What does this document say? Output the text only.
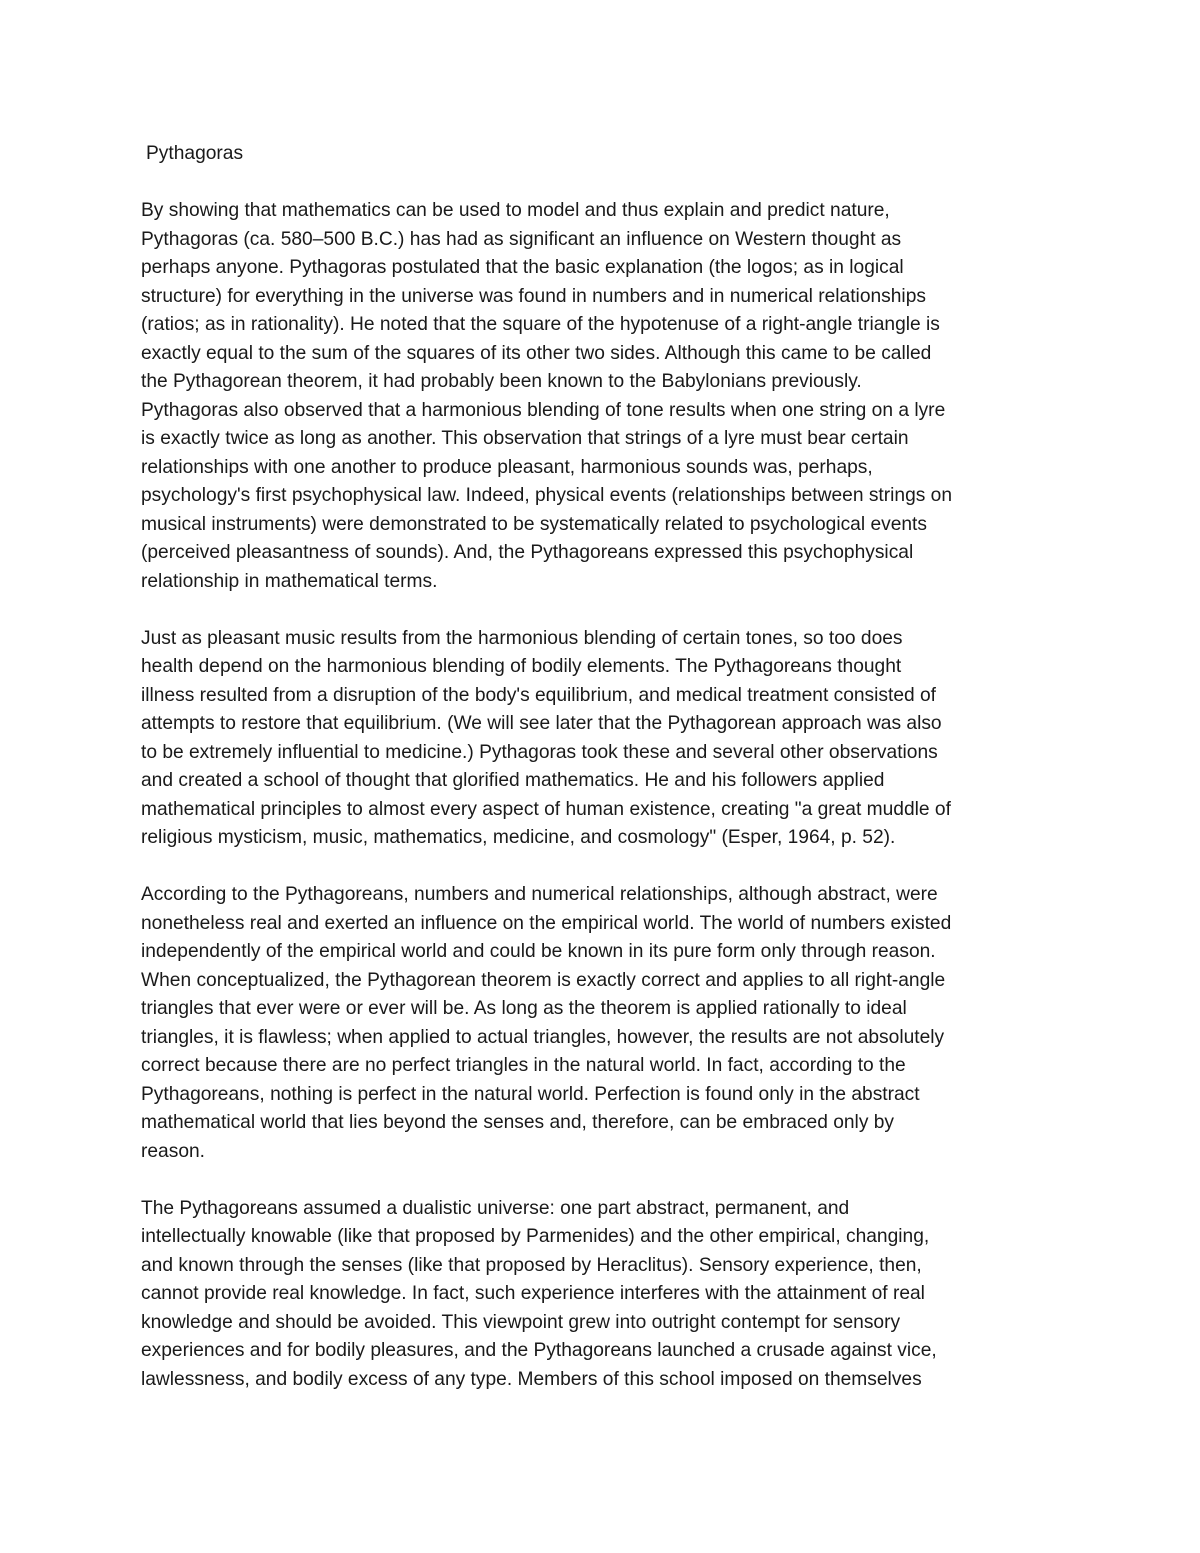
Pythagoras
By showing that mathematics can be used to model and thus explain and predict nature,
Pythagoras (ca. 580–500 B.C.) has had as significant an influence on Western thought as
perhaps anyone. Pythagoras postulated that the basic explanation (the logos; as in logical
structure) for everything in the universe was found in numbers and in numerical relationships
(ratios; as in rationality). He noted that the square of the hypotenuse of a right-angle triangle is
exactly equal to the sum of the squares of its other two sides. Although this came to be called
the Pythagorean theorem, it had probably been known to the Babylonians previously.
Pythagoras also observed that a harmonious blending of tone results when one string on a lyre
is exactly twice as long as another. This observation that strings of a lyre must bear certain
relationships with one another to produce pleasant, harmonious sounds was, perhaps,
psychology's first psychophysical law. Indeed, physical events (relationships between strings on
musical instruments) were demonstrated to be systematically related to psychological events
(perceived pleasantness of sounds). And, the Pythagoreans expressed this psychophysical
relationship in mathematical terms.
Just as pleasant music results from the harmonious blending of certain tones, so too does
health depend on the harmonious blending of bodily elements. The Pythagoreans thought
illness resulted from a disruption of the body's equilibrium, and medical treatment consisted of
attempts to restore that equilibrium. (We will see later that the Pythagorean approach was also
to be extremely influential to medicine.) Pythagoras took these and several other observations
and created a school of thought that glorified mathematics. He and his followers applied
mathematical principles to almost every aspect of human existence, creating "a great muddle of
religious mysticism, music, mathematics, medicine, and cosmology" (Esper, 1964, p. 52).
According to the Pythagoreans, numbers and numerical relationships, although abstract, were
nonetheless real and exerted an influence on the empirical world. The world of numbers existed
independently of the empirical world and could be known in its pure form only through reason.
When conceptualized, the Pythagorean theorem is exactly correct and applies to all right-angle
triangles that ever were or ever will be. As long as the theorem is applied rationally to ideal
triangles, it is flawless; when applied to actual triangles, however, the results are not absolutely
correct because there are no perfect triangles in the natural world. In fact, according to the
Pythagoreans, nothing is perfect in the natural world. Perfection is found only in the abstract
mathematical world that lies beyond the senses and, therefore, can be embraced only by
reason.
The Pythagoreans assumed a dualistic universe: one part abstract, permanent, and
intellectually knowable (like that proposed by Parmenides) and the other empirical, changing,
and known through the senses (like that proposed by Heraclitus). Sensory experience, then,
cannot provide real knowledge. In fact, such experience interferes with the attainment of real
knowledge and should be avoided. This viewpoint grew into outright contempt for sensory
experiences and for bodily pleasures, and the Pythagoreans launched a crusade against vice,
lawlessness, and bodily excess of any type. Members of this school imposed on themselves
